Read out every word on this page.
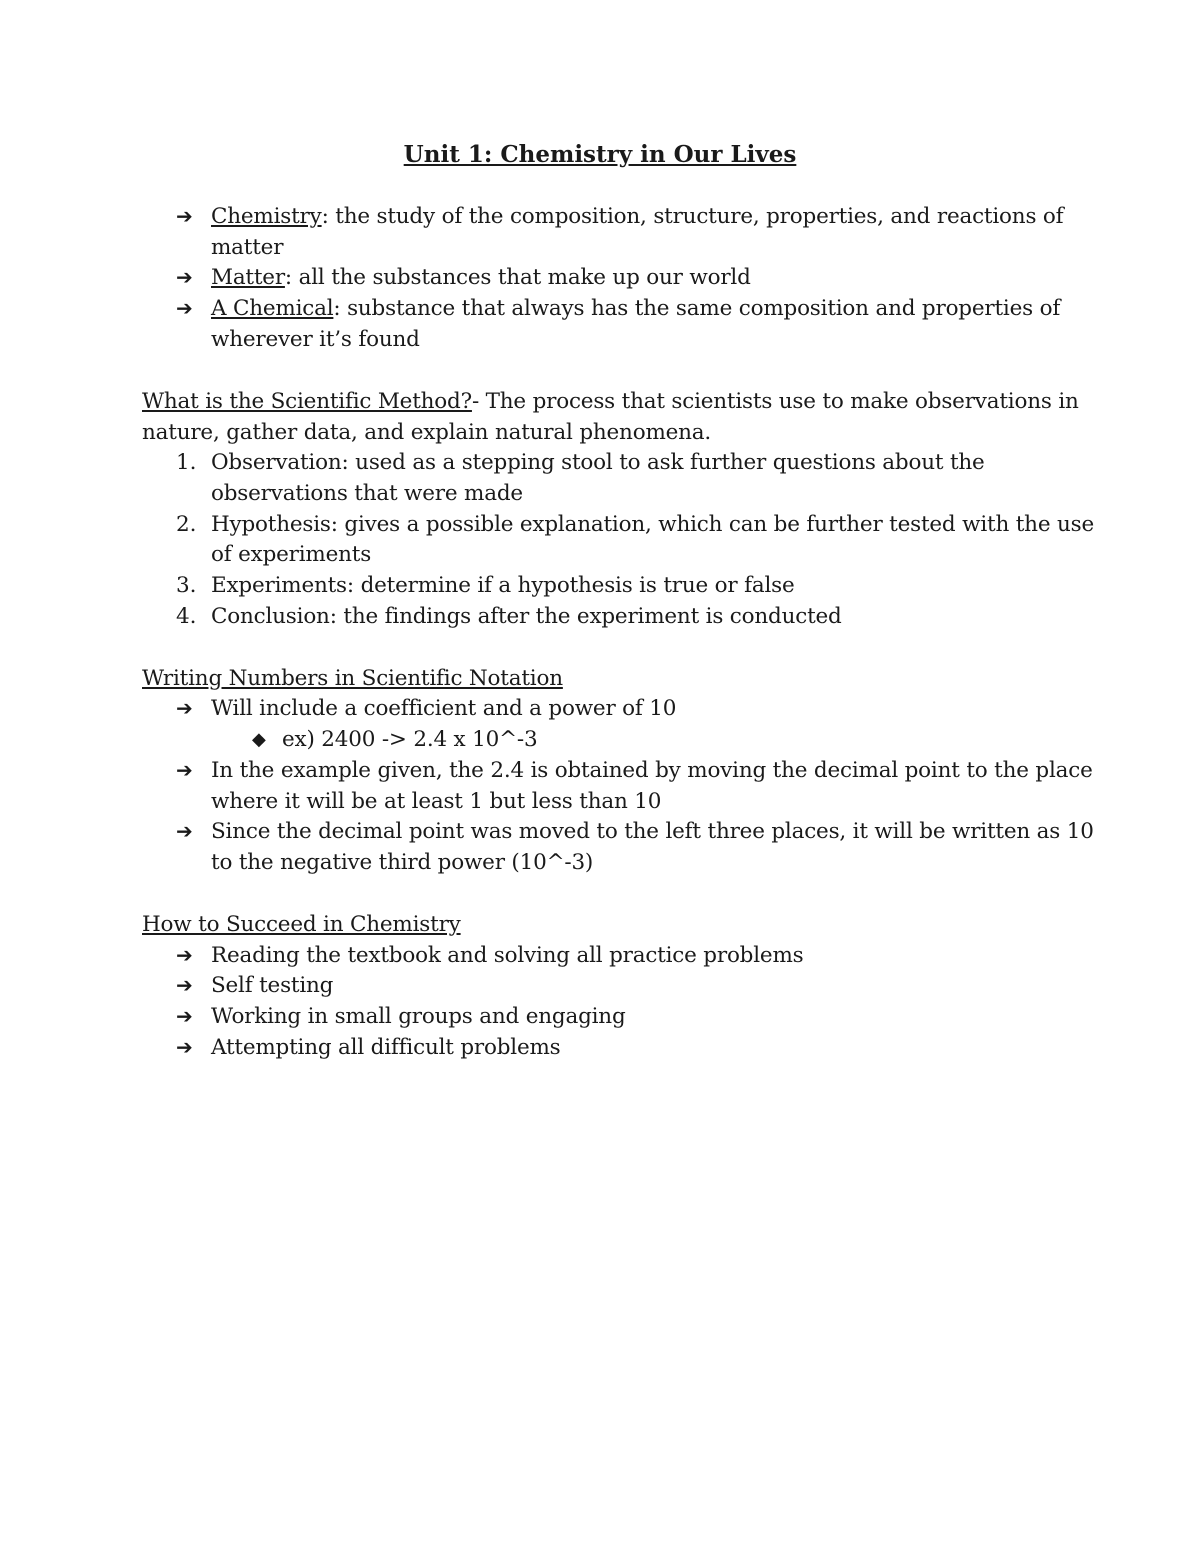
Unit 1: Chemistry in Our Lives
➔ Chemistry: the study of the composition, structure, properties, and reactions of
matter
➔ Matter: all the substances that make up our world
➔ A Chemical: substance that always has the same composition and properties of
wherever it’s found
What is the Scientific Method?- The process that scientists use to make observations in
nature, gather data, and explain natural phenomena.
1. Observation: used as a stepping stool to ask further questions about the
observations that were made
2. Hypothesis: gives a possible explanation, which can be further tested with the use
of experiments
3. Experiments: determine if a hypothesis is true or false
4. Conclusion: the findings after the experiment is conducted
Writing Numbers in Scientific Notation
➔ Will include a coefficient and a power of 10
◆ ex) 2400 -> 2.4 x 10^-3
➔ In the example given, the 2.4 is obtained by moving the decimal point to the place
where it will be at least 1 but less than 10
➔ Since the decimal point was moved to the left three places, it will be written as 10
to the negative third power (10^-3)
How to Succeed in Chemistry
➔ Reading the textbook and solving all practice problems
➔ Self testing
➔ Working in small groups and engaging
➔ Attempting all difficult problems
